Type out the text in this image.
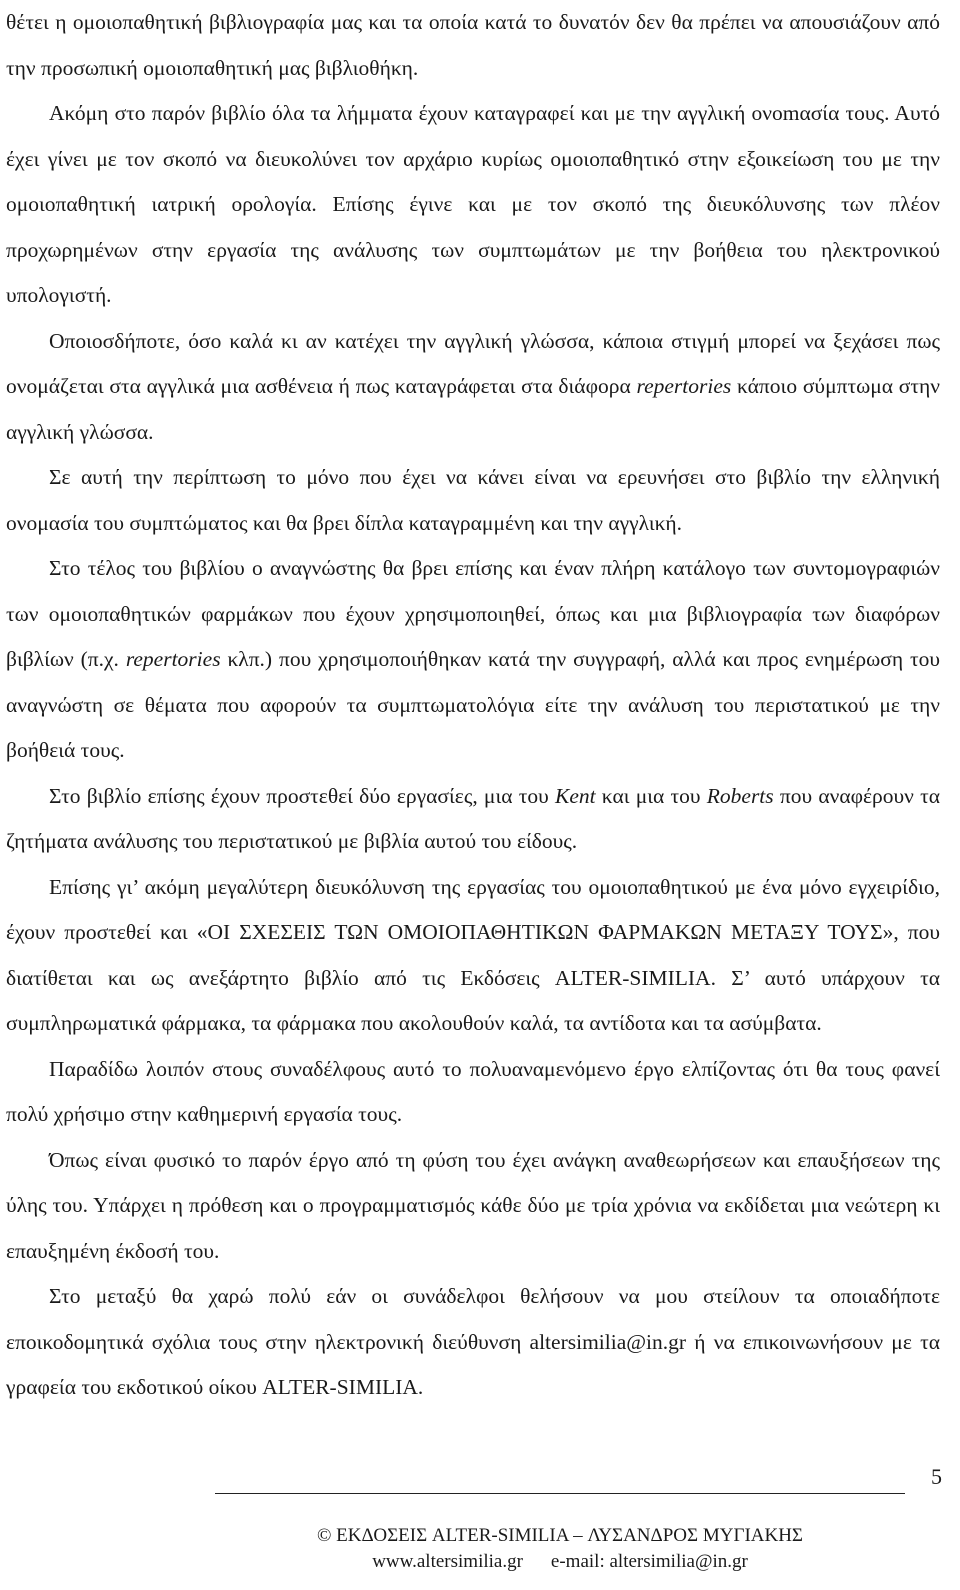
θέτει η ομοιοπαθητική βιβλιογραφία μας και τα οποία κατά το δυνατόν δεν θα πρέπει να απουσιάζουν από την προσωπική ομοιοπαθητική μας βιβλιοθήκη.

Ακόμη στο παρόν βιβλίο όλα τα λήμματα έχουν καταγραφεί και με την αγγλική ονοmασία τους. Αυτό έχει γίνει με τον σκοπό να διευκολύνει τον αρχάριο κυρίως ομοιοπαθητικό στην εξοικείωση του με την ομοιοπαθητική ιατρική ορολογία. Επίσης έγινε και με τον σκοπό της διευκόλυνσης των πλέον προχωρημένων στην εργασία της ανάλυσης των συμπτωμάτων με την βοήθεια του ηλεκτρονικού υπολογιστή.

Οποιοσδήποτε, όσο καλά κι αν κατέχει την αγγλική γλώσσα, κάποια στιγμή μπορεί να ξεχάσει πως ονομάζεται στα αγγλικά μια ασθένεια ή πως καταγράφεται στα διάφορα repertories κάποιο σύμπτωμα στην αγγλική γλώσσα.

Σε αυτή την περίπτωση το μόνο που έχει να κάνει είναι να ερευνήσει στο βιβλίο την ελληνική ονομασία του συμπτώματος και θα βρει δίπλα καταγραμμένη και την αγγλική.

Στο τέλος του βιβλίου ο αναγνώστης θα βρει επίσης και έναν πλήρη κατάλογο των συντομογραφιών των ομοιοπαθητικών φαρμάκων που έχουν χρησιμοποιηθεί, όπως και μια βιβλιογραφία των διαφόρων βιβλίων (π.χ. repertories κλπ.) που χρησιμοποιήθηκαν κατά την συγγραφή, αλλά και προς ενημέρωση του αναγνώστη σε θέματα που αφορούν τα συμπτωματολόγια είτε την ανάλυση του περιστατικού με την βοήθειά τους.

Στο βιβλίο επίσης έχουν προστεθεί δύο εργασίες, μια του Kent και μια του Roberts που αναφέρουν τα ζητήματα ανάλυσης του περιστατικού με βιβλία αυτού του είδους.

Επίσης γι’ ακόμη μεγαλύτερη διευκόλυνση της εργασίας του ομοιοπαθητικού με ένα μόνο εγχειρίδιο, έχουν προστεθεί και «ΟΙ ΣΧΕΣΕΙΣ ΤΩΝ ΟΜΟΙΟΠΑΘΗΤΙΚΩΝ ΦΑΡΜΑΚΩΝ ΜΕΤΑΞΥ ΤΟΥΣ», που διατίθεται και ως ανεξάρτητο βιβλίο από τις Εκδόσεις ALTER-SIMILIA. Σ’ αυτό υπάρχουν τα συμπληρωματικά φάρμακα, τα φάρμακα που ακολουθούν καλά, τα αντίδοτα και τα ασύμβατα.

Παραδίδω λοιπόν στους συναδέλφους αυτό το πολυαναμενόμενο έργο ελπίζοντας ότι θα τους φανεί πολύ χρήσιμο στην καθημερινή εργασία τους.

Όπως είναι φυσικό το παρόν έργο από τη φύση του έχει ανάγκη αναθεωρήσεων και επαυξήσεων της ύλης του. Υπάρχει η πρόθεση και ο προγραμματισμός κάθε δύο με τρία χρόνια να εκδίδεται μια νεώτερη κι επαυξημένη έκδοσή του.

Στο μεταξύ θα χαρώ πολύ εάν οι συνάδελφοι θελήσουν να μου στείλουν τα οποιαδήποτε εποικοδομητικά σχόλια τους στην ηλεκτρονική διεύθυνση altersimilia@in.gr ή να επικοινωνήσουν με τα γραφεία του εκδοτικού οίκου ALTER-SIMILIA.

5
© ΕΚΔΟΣΕΙΣ ALTER-SIMILIA – ΛΥΣΑΝΔΡΟΣ ΜΥΓΙΑΚΗΣ
www.altersimilia.gr e-mail: altersimilia@in.gr
